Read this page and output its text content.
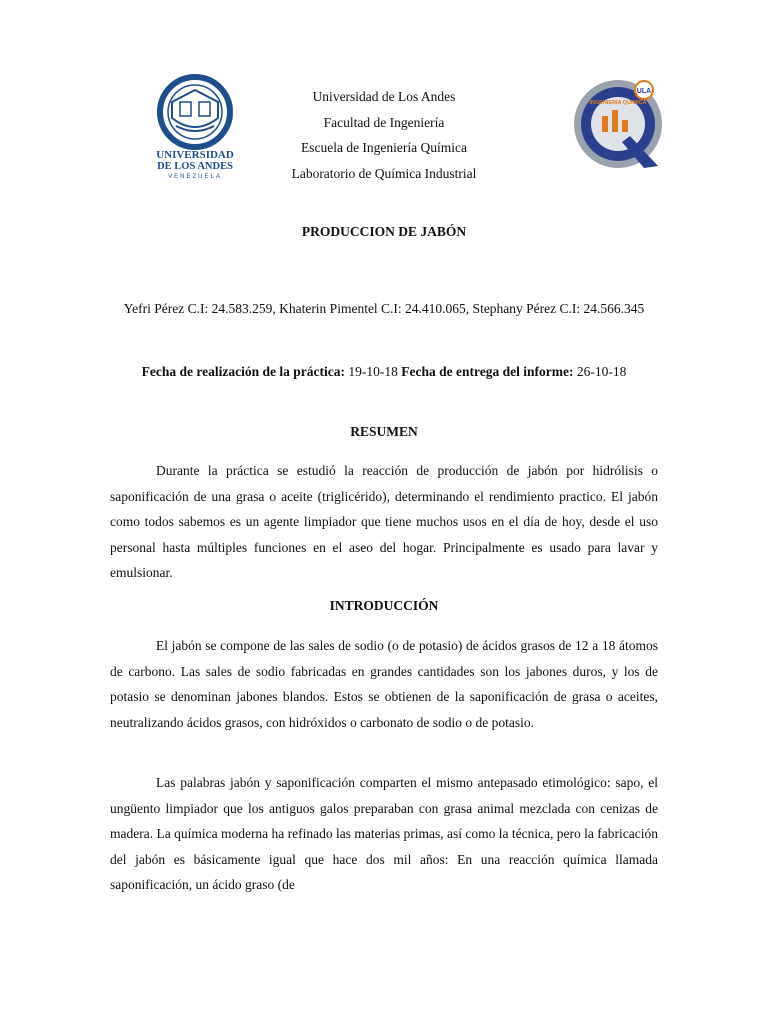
UNIVERSIDAD
DE LOS ANDES
VENEZUELA
Universidad de Los Andes
Facultad de Ingeniería
Escuela de Ingeniería Química
Laboratorio de Química Industrial
ULA
INGENIERIA QUIMICA
PRODUCCION DE JABÓN
Yefri Pérez C.I: 24.583.259, Khaterin Pimentel C.I: 24.410.065, Stephany Pérez C.I: 24.566.345
Fecha de realización de la práctica: 19-10-18 Fecha de entrega del informe: 26-10-18
RESUMEN
Durante la práctica se estudió la reacción de producción de jabón por hidrólisis o saponificación de una grasa o aceite (triglicérido), determinando el rendimiento practico. El jabón como todos sabemos es un agente limpiador que tiene muchos usos en el día de hoy, desde el uso personal hasta múltiples funciones en el aseo del hogar. Principalmente es usado para lavar y emulsionar.
INTRODUCCIÓN
El jabón se compone de las sales de sodio (o de potasio) de ácidos grasos de 12 a 18 átomos de carbono. Las sales de sodio fabricadas en grandes cantidades son los jabones duros, y los de potasio se denominan jabones blandos. Estos se obtienen de la saponificación de grasa o aceites, neutralizando ácidos grasos, con hidróxidos o carbonato de sodio o de potasio.
Las palabras jabón y saponificación comparten el mismo antepasado etimológico: sapo, el ungüento limpiador que los antiguos galos preparaban con grasa animal mezclada con cenizas de madera. La química moderna ha refinado las materias primas, así como la técnica, pero la fabricación del jabón es básicamente igual que hace dos mil años: En una reacción química llamada saponificación, un ácido graso (de
